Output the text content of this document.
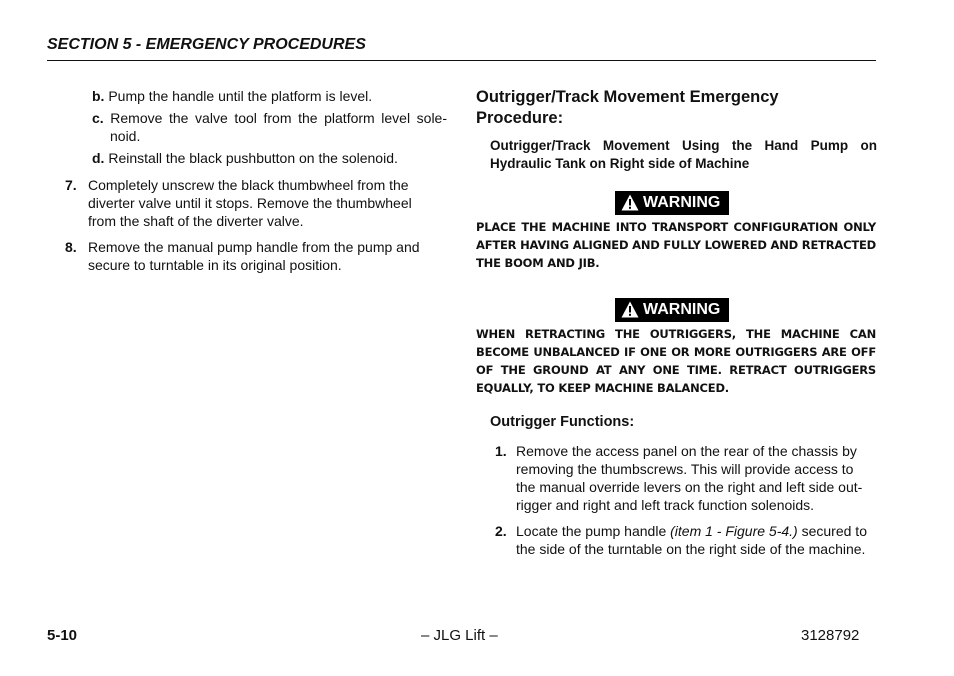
SECTION 5 - EMERGENCY PROCEDURES
b. Pump the handle until the platform is level.
c. Remove the valve tool from the platform level sole-
noid.
d. Reinstall the black pushbutton on the solenoid.
7. Completely unscrew the black thumbwheel from the
diverter valve until it stops. Remove the thumbwheel
from the shaft of the diverter valve.
8. Remove the manual pump handle from the pump and
secure to turntable in its original position.
Outrigger/Track Movement Emergency
Procedure:
Outrigger/Track Movement Using the Hand Pump on
Hydraulic Tank on Right side of Machine
WARNING
PLACE THE MACHINE INTO TRANSPORT CONFIGURATION ONLY
AFTER HAVING ALIGNED AND FULLY LOWERED AND RETRACTED
THE BOOM AND JIB.
WARNING
WHEN RETRACTING THE OUTRIGGERS, THE MACHINE CAN
BECOME UNBALANCED IF ONE OR MORE OUTRIGGERS ARE OFF
OF THE GROUND AT ANY ONE TIME. RETRACT OUTRIGGERS
EQUALLY, TO KEEP MACHINE BALANCED.
Outrigger Functions:
1. Remove the access panel on the rear of the chassis by
removing the thumbscrews. This will provide access to
the manual override levers on the right and left side out-
rigger and right and left track function solenoids.
2. Locate the pump handle (item 1 - Figure 5-4.) secured to
the side of the turntable on the right side of the machine.
5-10	– JLG Lift –	3128792
